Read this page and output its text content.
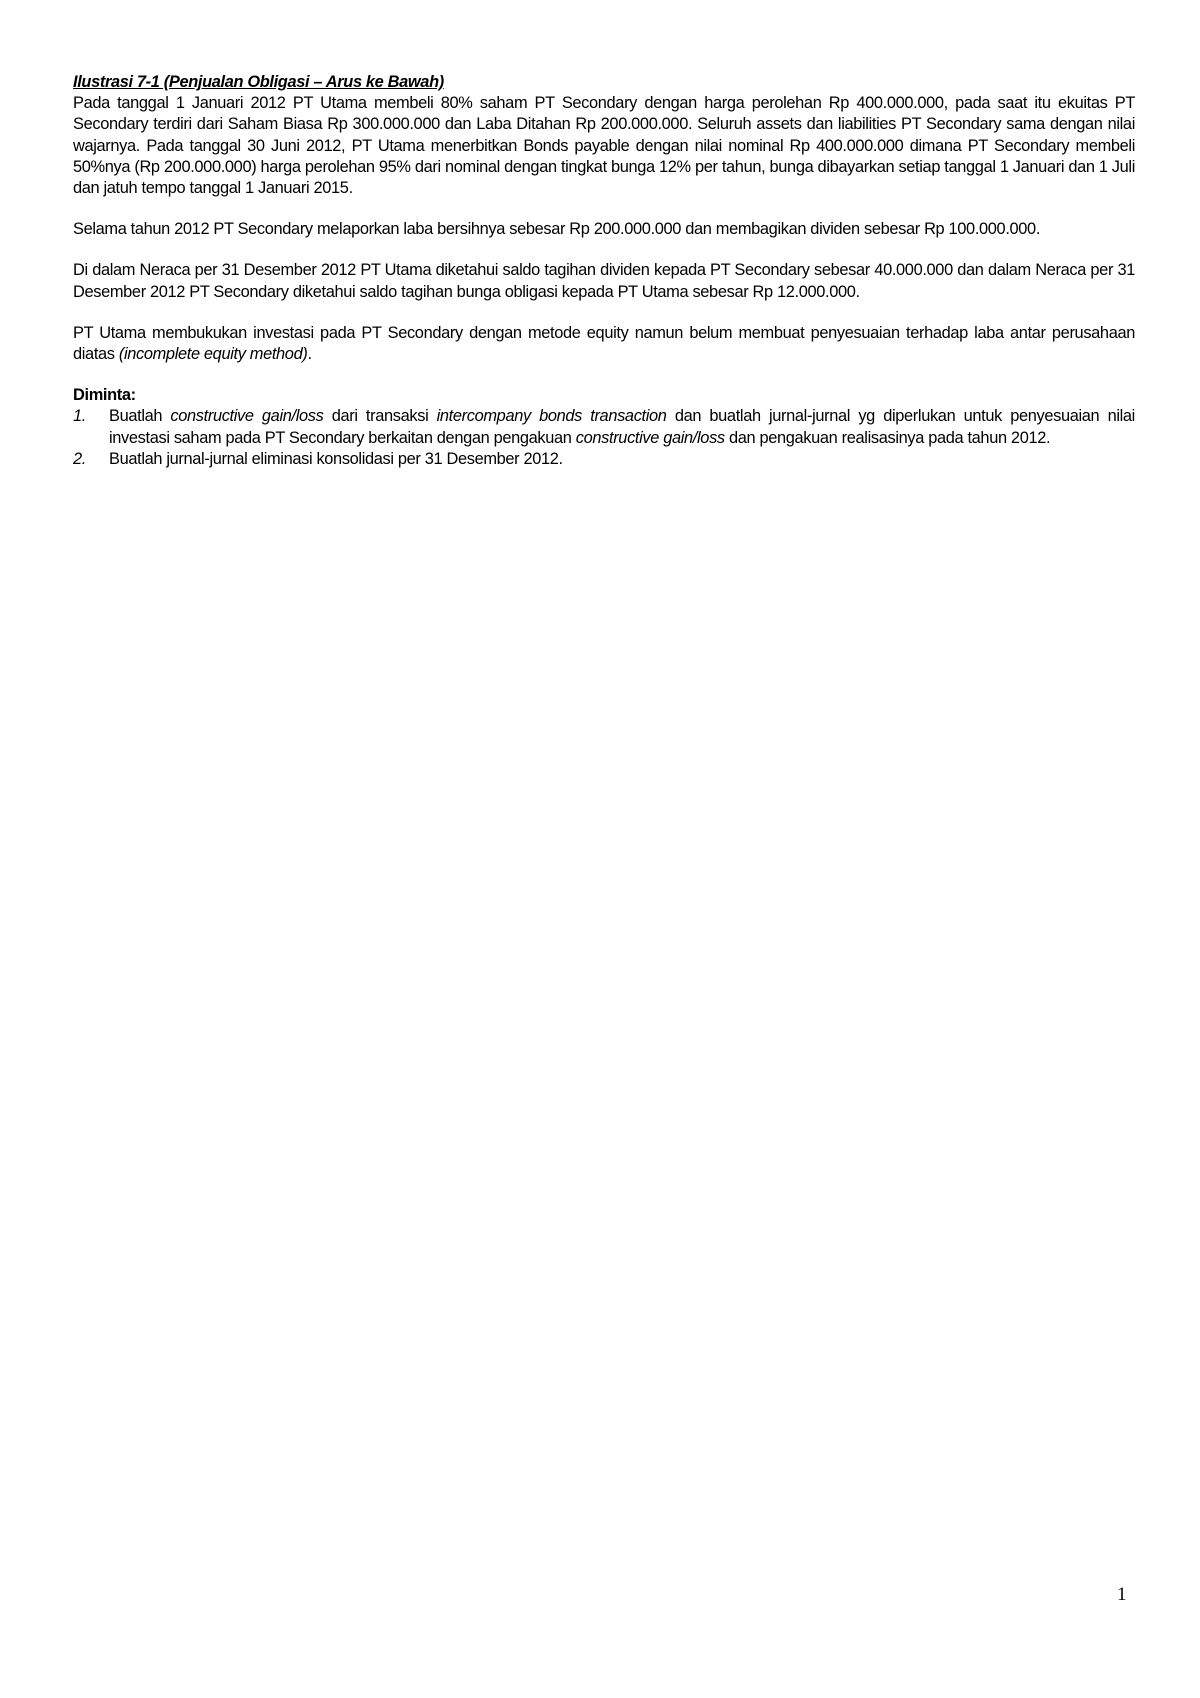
Ilustrasi 7-1 (Penjualan Obligasi – Arus ke Bawah)

Pada tanggal 1 Januari 2012 PT Utama membeli 80% saham PT Secondary dengan harga perolehan Rp 400.000.000, pada saat itu ekuitas PT Secondary terdiri dari Saham Biasa Rp 300.000.000 dan Laba Ditahan Rp 200.000.000. Seluruh assets dan liabilities PT Secondary sama dengan nilai wajarnya. Pada tanggal 30 Juni 2012, PT Utama menerbitkan Bonds payable dengan nilai nominal Rp 400.000.000 dimana PT Secondary membeli 50%nya (Rp 200.000.000) harga perolehan 95% dari nominal dengan tingkat bunga 12% per tahun, bunga dibayarkan setiap tanggal 1 Januari dan 1 Juli dan jatuh tempo tanggal 1 Januari 2015.

Selama tahun 2012 PT Secondary melaporkan laba bersihnya sebesar Rp 200.000.000 dan membagikan dividen sebesar Rp 100.000.000.

Di dalam Neraca per 31 Desember 2012 PT Utama diketahui saldo tagihan dividen kepada PT Secondary sebesar 40.000.000 dan dalam Neraca per 31 Desember 2012 PT Secondary diketahui saldo tagihan bunga obligasi kepada PT Utama sebesar Rp 12.000.000.

PT Utama membukukan investasi pada PT Secondary dengan metode equity namun belum membuat penyesuaian terhadap laba antar perusahaan diatas (incomplete equity method).

Diminta:

1. Buatlah constructive gain/loss dari transaksi intercompany bonds transaction dan buatlah jurnal-jurnal yg diperlukan untuk penyesuaian nilai investasi saham pada PT Secondary berkaitan dengan pengakuan constructive gain/loss dan pengakuan realisasinya pada tahun 2012.
2. Buatlah jurnal-jurnal eliminasi konsolidasi per 31 Desember 2012.
1
